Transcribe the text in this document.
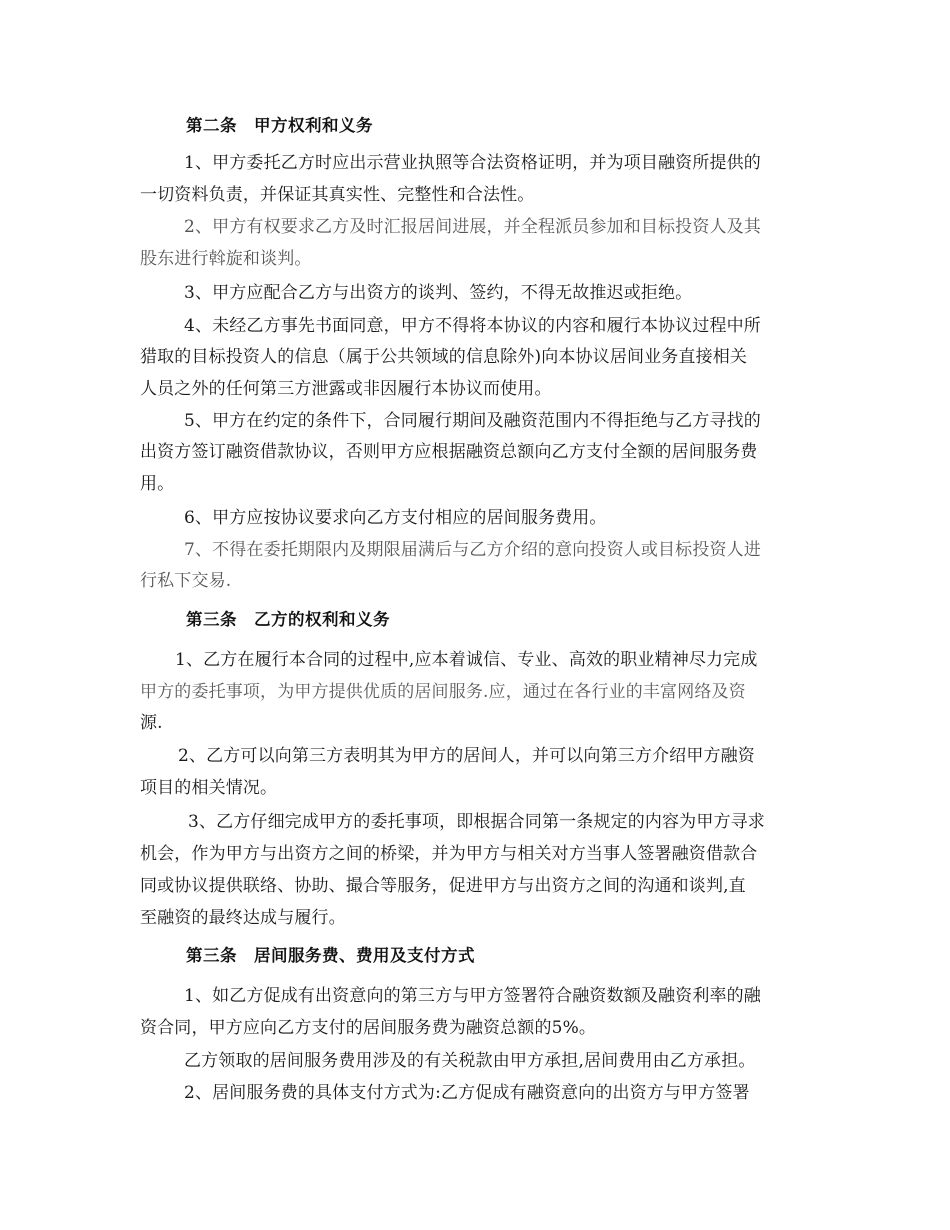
第二条　甲方权利和义务
1、甲方委托乙方时应出示营业执照等合法资格证明，并为项目融资所提供的
一切资料负责，并保证其真实性、完整性和合法性。
2、甲方有权要求乙方及时汇报居间进展，并全程派员参加和目标投资人及其
股东进行斡旋和谈判。
3、甲方应配合乙方与出资方的谈判、签约，不得无故推迟或拒绝。
4、未经乙方事先书面同意，甲方不得将本协议的内容和履行本协议过程中所
猎取的目标投资人的信息（属于公共领域的信息除外)向本协议居间业务直接相关
人员之外的任何第三方泄露或非因履行本协议而使用。
5、甲方在约定的条件下，合同履行期间及融资范围内不得拒绝与乙方寻找的
出资方签订融资借款协议，否则甲方应根据融资总额向乙方支付全额的居间服务费
用。
6、甲方应按协议要求向乙方支付相应的居间服务费用。
7、不得在委托期限内及期限届满后与乙方介绍的意向投资人或目标投资人进
行私下交易.
第三条　乙方的权利和义务
1、乙方在履行本合同的过程中,应本着诚信、专业、高效的职业精神尽力完成
甲方的委托事项，为甲方提供优质的居间服务.应，通过在各行业的丰富网络及资
源.
2、乙方可以向第三方表明其为甲方的居间人，并可以向第三方介绍甲方融资
项目的相关情况。
3、乙方仔细完成甲方的委托事项，即根据合同第一条规定的内容为甲方寻求
机会，作为甲方与出资方之间的桥梁，并为甲方与相关对方当事人签署融资借款合
同或协议提供联络、协助、撮合等服务，促进甲方与出资方之间的沟通和谈判,直
至融资的最终达成与履行。
第三条　居间服务费、费用及支付方式
1、如乙方促成有出资意向的第三方与甲方签署符合融资数额及融资利率的融
资合同，甲方应向乙方支付的居间服务费为融资总额的5%。
乙方领取的居间服务费用涉及的有关税款由甲方承担,居间费用由乙方承担。
2、居间服务费的具体支付方式为:乙方促成有融资意向的出资方与甲方签署
